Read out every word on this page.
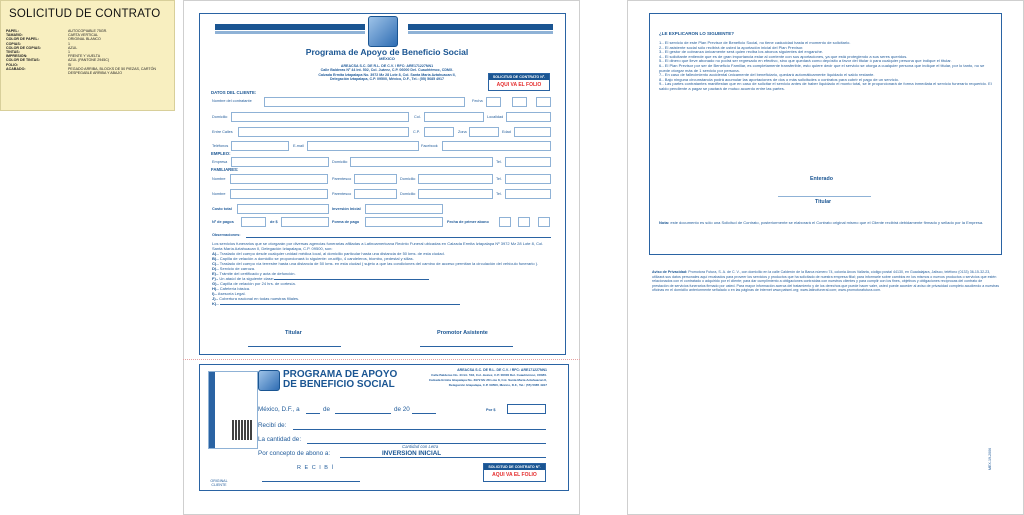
SOLICITUD DE CONTRATO
PAPEL:	AUTOCOPIABLE 75GR.
TAMAÑO:	CARTA VERTICAL
COLOR DE PAPEL:	ORIGINAL BLANCO
COPIAS:	1
COLOR DE COPIAS:	AZUL
TINTAS:	1
IMPRESIÓN:	FRENTE Y VUELTA
COLOR DE TINTAS:	AZUL (PANTONE 2945C)
FOLIO:	SI
ACABADO:	PEGADO ARRIBA, BLOCKS DE 50 PIEZAS, CARTÓN DESPEGABLE ARRIBA Y ABAJO
Programa de Apoyo de Beneficio Social
MÉXICO
AREACSA S.C. DE R.L. DE C.V. / RFC: ARE171227NN1
Calle Balderas Nº 44 Int. 502, Col. Juárez, C.P. 06000 Del. Cuauhtémoc, CDMX.
Calzada Ermita Iztapalapa No. 3972 Mz 28 Lote 8, Col. Santa María Aztahuacan II,
Delegación Iztapalapa, C.P. 09500, México, D.F., Tel.: (55) 5685 4917	SOLICITUD DE CONTRATO Nº.
AQUI VA EL FOLIO
DATOS DEL CLIENTE:
Nombre del contratante	Fecha
Domicilio	Col.	Localidad
Entre Calles	C.P.	Zona	Edad
Teléfonos	E-mail	Facebook
EMPLEO:
Empresa	Domicilio	Tel.
FAMILIARES:
Nombre	Parentesco	Domicilio	Tel.
Nombre	Parentesco	Domicilio	Tel.
Costo total	Inversión Inicial
Nº de pagos	de $	Forma de pago	Fecha de primer abono
Observaciones:
Los servicios funerarios que se otorgarán por diversas agencias funerarias afiliadas a Latinoamericana Recinto Funeral ubicadas en Calzada Ermita Iztapalapa Nº 3972 Mz 28 Lote 8, Col. Santa María Aztahuacan II, Delegación Iztapalapa, C.P. 09500, son:
A).- Traslado del cuerpo desde cualquier unidad médica local, al domicilio particular hasta una distancia de 50 kms. de esta ciudad.
B).- Capilla de velación a domicilio se proporcionará lo siguiente: crucifijo, 4 candeleros, biombo, pedestal y sillas.
C).- Traslado del cuerpo vía terrestre hasta una distancia de 50 kms. en esta ciudad ( sujeto a que las condiciones del camino de acceso permitan la circulación del vehículo funerario ).
D).- Servicio de carroza.
E).- Trámite del certificado y acta de defunción.
F).- Un ataúd de la siguiente clase:
G).- Capilla de velación por 24 hrs. de cortesía.
H).- Cafetería básica.
I).- Asesoría Legal.
J).- Cobertura nacional en todas nuestras filiales.
K).-
Titular	Promotor Asistente
PROGRAMA DE APOYO
DE BENEFICIO SOCIAL
AREACSA S.C. DE R.L. DE C.V. / RFC: ARE171227NN1
Calle Balderas No. 44 Int. 502, Col. Juárez, C.P. 06000 Del. Cuauhtémoc, CDMX.
Calzada Ermita Iztapalapa No. 3972 Mz 28 Lote 8, Col. Santa María Aztahuacan II,
Delegación Iztapalapa, C.P. 09500, México, D.F., Tel.: (55) 5685 4917
México, D.F., a	de	de 20	Por $
Recibí de:
La cantidad de:
Cantidad con Letra
Por concepto de abono a:	INVERSION INICIAL
R E C I B Í
ORIGINAL
CLIENTE
SOLICITUD DE CONTRATO Nº.
AQUI VA EL FOLIO
¿LE EXPLICARON LO SIGUIENTE?
1.- El servicio de este Plan Previsor de Beneficio Social, no tiene caducidad hasta el momento de solicitarlo.
2.- El asistente social sólo recibirá de usted la aportación inicial del Plan Previsor.
3.- El gestor de cobranza únicamente será quien reciba los abonos siguientes del enganche.
4.- El solicitante entiende que es de gran importancia estar al corriente con sus aportaciones, ya que está protegiendo a sus seres queridos.
5.- El dinero que lleve abonado no podrá ser regresado en efectivo, sino que quedará como depósito a favor del titular ó para cualquier persona que indique el titular.
6.- El Plan Previsor por ser de Beneficio Familiar, es completamente transferible, esto quiere decir que el servicio se otorga a cualquier persona que indique el titular, por lo tanto, no se puede otorgar más de 1 servicio por persona.
7.- En caso de fallecimiento accidental únicamente del beneficiario, quedará automáticamente liquidado el saldo restante.
8.- Bajo ninguna circunstancia podrá acumular las aportaciones de dos o más solicitudes o contratos para cubrir el pago de un servicio.
9.- Las partes contratantes manifiestan que en caso de solicitar el servicio antes de haber liquidado el monto total, se le proporcionará de forma inmediata el servicio funerario requerido. El saldo pendiente a pagar se pactará de mutuo acuerdo entre las partes.
Enterado
Titular
Nota: este documento es sólo una Solicitud de Contrato, posteriormente se elaborará el Contrato original mismo que el Cliente recibirá debidamente firmado y sellado por la Empresa.
Aviso de Privacidad: Promotora Futura, S. A. de C. V., con domicilio en la calle Calderón de la Barca número 74, colonia Arcos Vallarta, código postal 44130, en Guadalajara, Jalisco, teléfono (0133) 36-15-32-23, utilizará sus datos personales aquí recabados para proveer los servicios y productos que ha solicitado de nuestra empresa filial; para informarle sobre cambios en los mismos o nuevos productos o servicios que estén relacionados con el contratado o adquirido por el cliente; para dar cumplimiento a obligaciones contraídas con nuestros clientes y para cumplir con los fines, objetivos y obligaciones recíprocas del contrato de prestación de servicios funerarios firmado por usted. Para mayor información acerca del tratamiento y de los derechos que puede hacer valer, usted puede acceder al aviso de privacidad completo acudiendo a nuestras oficinas en el domicilio anteriormente señalado o en las páginas de internet www.patsmi.org; www.latinofuneral.com; www.promotorafutura.com.
MEX-19-2006
